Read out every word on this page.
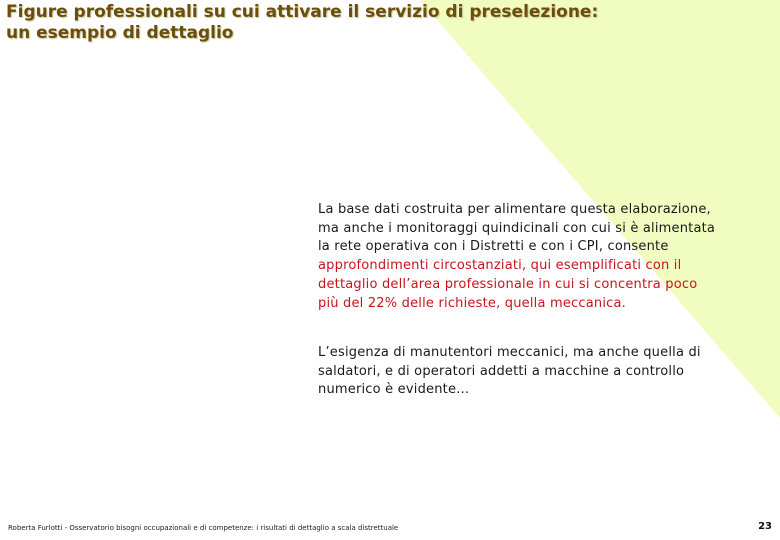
Figure professionali su cui attivare il servizio di preselezione:
un esempio di dettaglio
La base dati costruita per alimentare questa elaborazione, ma anche i monitoraggi quindicinali con cui si è alimentata la rete operativa con i Distretti e con i CPI, consente approfondimenti circostanziati, qui esemplificati con il dettaglio dell’area professionale in cui si concentra poco più del 22% delle richieste, quella meccanica.
L’esigenza di manutentori meccanici, ma anche quella di saldatori, e di operatori addetti a macchine a controllo numerico è evidente…
Roberta Furlotti - Osservatorio bisogni occupazionali e di competenze: i risultati di dettaglio a scala distrettuale	23
